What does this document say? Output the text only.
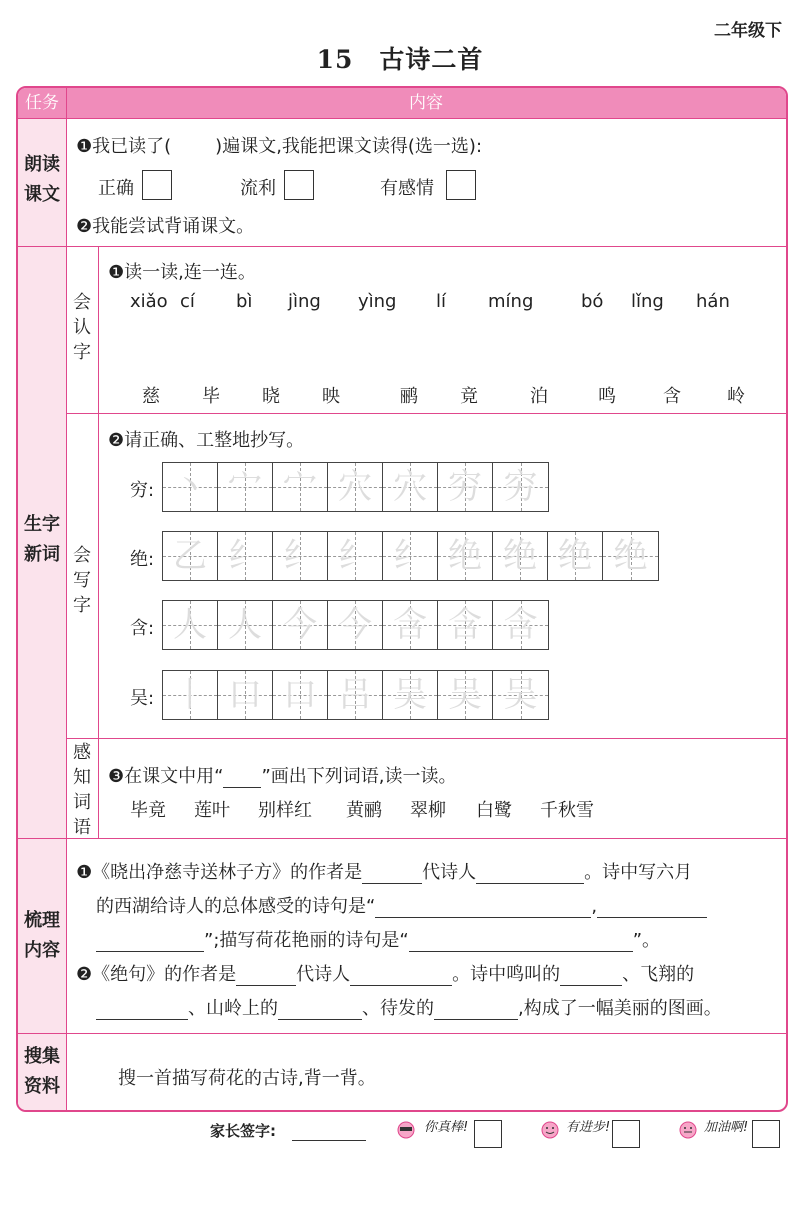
二年级下
15 古诗二首
任务	内容
朗读
课文
❶我已读了( )遍课文,我能把课文读得(选一选):
正确	流利	有感情
❷我能尝试背诵课文。
生字
新词
会
认
字
❶读一读,连一连。
xiǎo cí bì jìng yìng lí míng	bó lǐng hán
慈 毕 晓 映	鹂 竟	泊	鸣	含	岭
会
写
字
❷请正确、工整地抄写。
穷: 丶 宀 宀 穴 穴 穷 穷
绝: 乙 纟 纟 纟 纟 绝 绝 绝 绝
含: 人 人 今 今 含 含 含
吴: 丨 口 口 吕 吴 吴 吴
感
知
词
语
❸在课文中用“ ”画出下列词语,读一读。
毕竟 莲叶 别样红 黄鹂 翠柳 白鹭 千秋雪
梳理
内容
❶《晓出净慈寺送林子方》的作者是	代诗人	。诗中写六月
的西湖给诗人的总体感受的诗句是“	,
”;描写荷花艳丽的诗句是“	”。
❷《绝句》的作者是	代诗人	。诗中鸣叫的	、飞翔的
、山岭上的	、待发的	,构成了一幅美丽的图画。
搜集
资料	搜一首描写荷花的古诗,背一背。
家长签字:	你真棒!	有进步!	加油啊!
